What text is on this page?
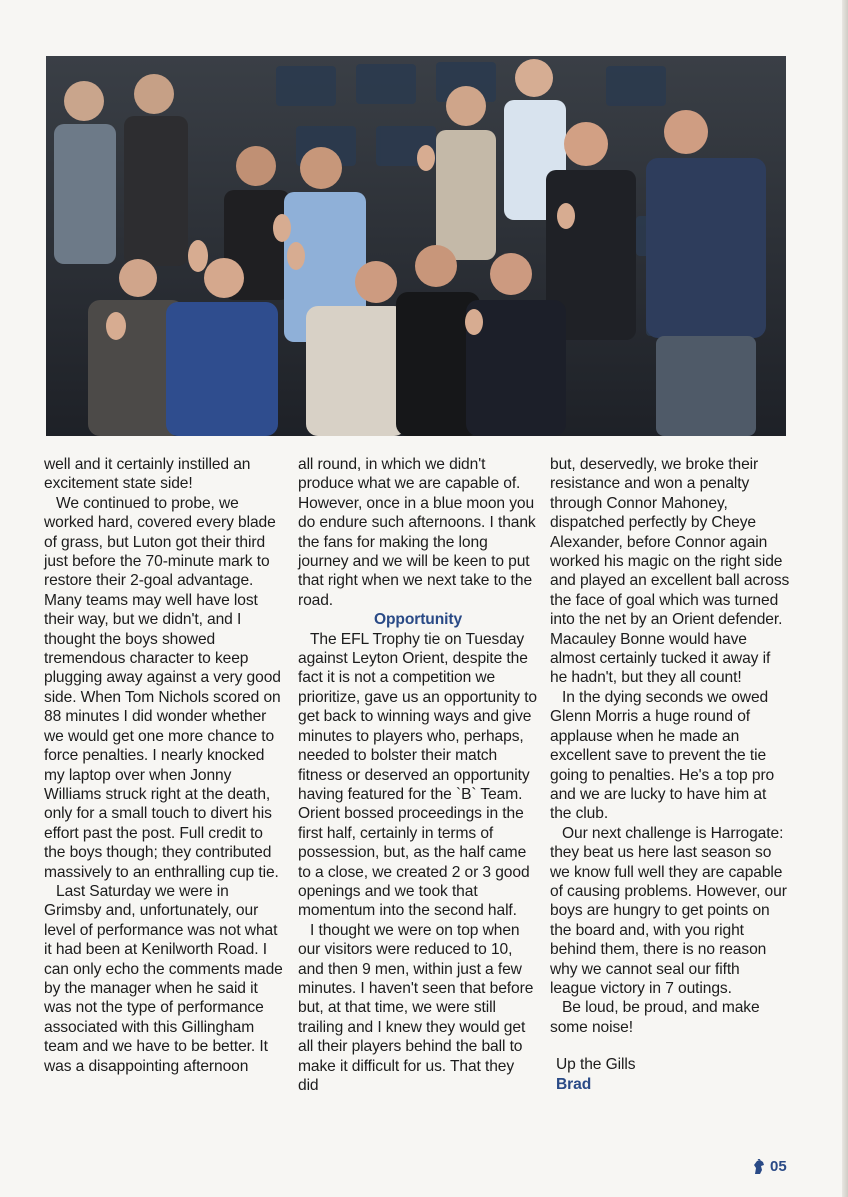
well and it certainly instilled an excitement state side!

We continued to probe, we worked hard, covered every blade of grass, but Luton got their third just before the 70-minute mark to restore their 2-goal advantage. Many teams may well have lost their way, but we didn't, and I thought the boys showed tremendous character to keep plugging away against a very good side. When Tom Nichols scored on 88 minutes I did wonder whether we would get one more chance to force penalties. I nearly knocked my laptop over when Jonny Williams struck right at the death, only for a small touch to divert his effort past the post. Full credit to the boys though; they contributed massively to an enthralling cup tie.

Last Saturday we were in Grimsby and, unfortunately, our level of performance was not what it had been at Kenilworth Road. I can only echo the comments made by the manager when he said it was not the type of performance associated with this Gillingham team and we have to be better. It was a disappointing afternoon

all round, in which we didn't produce what we are capable of. However, once in a blue moon you do endure such afternoons. I thank the fans for making the long journey and we will be keen to put that right when we next take to the road.

Opportunity

The EFL Trophy tie on Tuesday against Leyton Orient, despite the fact it is not a competition we prioritize, gave us an opportunity to get back to winning ways and give minutes to players who, perhaps, needed to bolster their match fitness or deserved an opportunity having featured for the `B` Team. Orient bossed proceedings in the first half, certainly in terms of possession, but, as the half came to a close, we created 2 or 3 good openings and we took that momentum into the second half.

I thought we were on top when our visitors were reduced to 10, and then 9 men, within just a few minutes. I haven't seen that before but, at that time, we were still trailing and I knew they would get all their players behind the ball to make it difficult for us. That they did

but, deservedly, we broke their resistance and won a penalty through Connor Mahoney, dispatched perfectly by Cheye Alexander, before Connor again worked his magic on the right side and played an excellent ball across the face of goal which was turned into the net by an Orient defender.
Macauley Bonne would have almost certainly tucked it away if he hadn't, but they all count!

In the dying seconds we owed Glenn Morris a huge round of applause when he made an excellent save to prevent the tie going to penalties. He's a top pro and we are lucky to have him at the club.

Our next challenge is Harrogate: they beat us here last season so we know full well they are capable of causing problems. However, our boys are hungry to get points on the board and, with you right behind them, there is no reason why we cannot seal our fifth league victory in 7 outings.

Be loud, be proud, and make some noise!

Up the Gills

Brad

05
